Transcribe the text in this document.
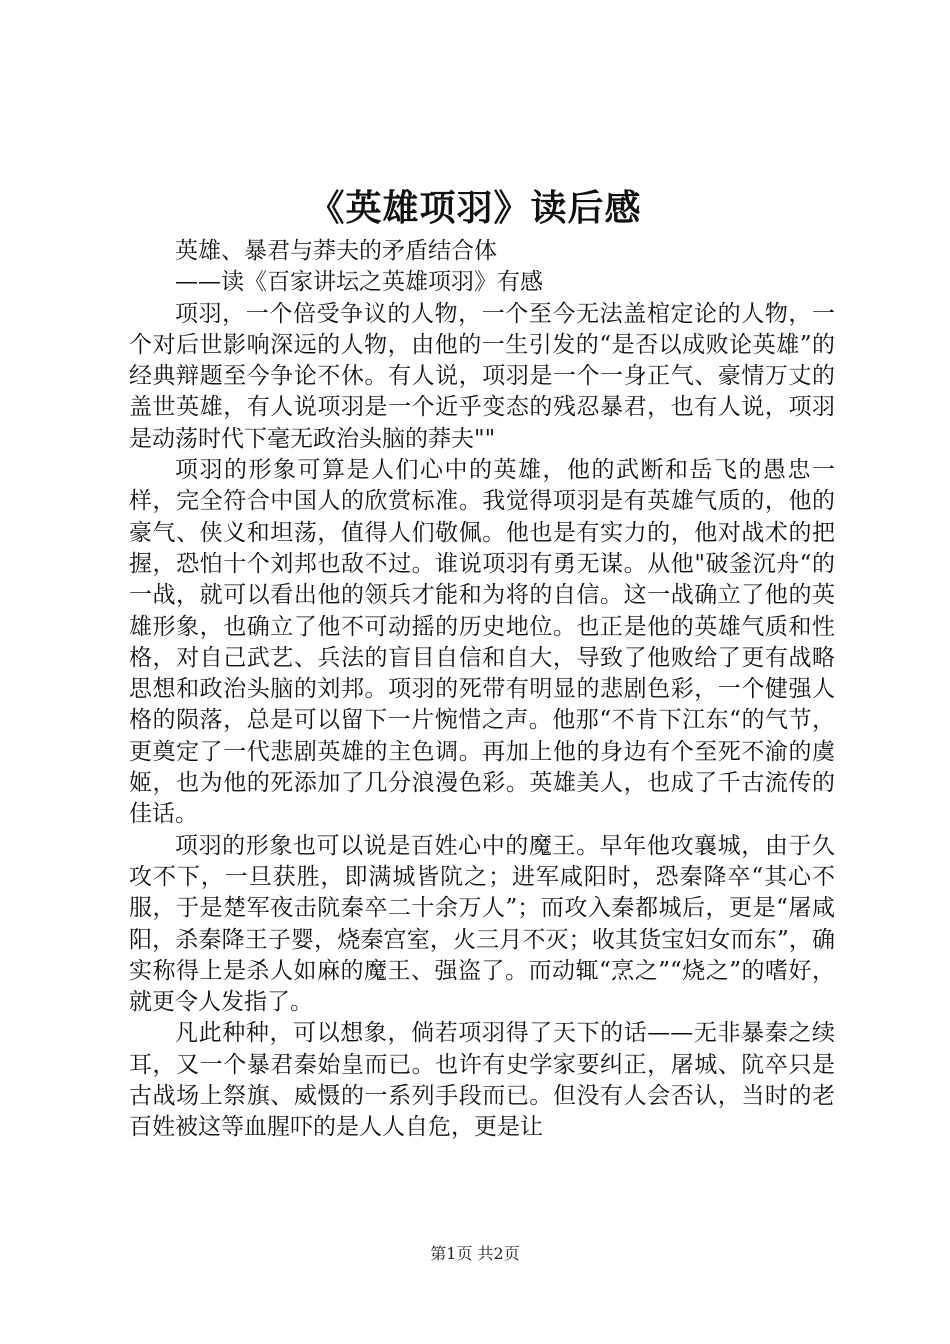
《英雄项羽》读后感

英雄、暴君与莽夫的矛盾结合体

——读《百家讲坛之英雄项羽》有感

项羽，一个倍受争议的人物，一个至今无法盖棺定论的人物，一个对后世影响深远的人物，由他的一生引发的“是否以成败论英雄”的经典辩题至今争论不休。有人说，项羽是一个一身正气、豪情万丈的盖世英雄，有人说项羽是一个近乎变态的残忍暴君，也有人说，项羽是动荡时代下毫无政治头脑的莽夫""

项羽的形象可算是人们心中的英雄，他的武断和岳飞的愚忠一样，完全符合中国人的欣赏标准。我觉得项羽是有英雄气质的，他的豪气、侠义和坦荡，值得人们敬佩。他也是有实力的，他对战术的把握，恐怕十个刘邦也敌不过。谁说项羽有勇无谋。从他"破釜沉舟“的一战，就可以看出他的领兵才能和为将的自信。这一战确立了他的英雄形象，也确立了他不可动摇的历史地位。也正是他的英雄气质和性格，对自己武艺、兵法的盲目自信和自大，导致了他败给了更有战略思想和政治头脑的刘邦。项羽的死带有明显的悲剧色彩，一个健强人格的陨落，总是可以留下一片惋惜之声。他那“不肯下江东“的气节，更奠定了一代悲剧英雄的主色调。再加上他的身边有个至死不渝的虞姬，也为他的死添加了几分浪漫色彩。英雄美人，也成了千古流传的佳话。

项羽的形象也可以说是百姓心中的魔王。早年他攻襄城，由于久攻不下，一旦获胜，即满城皆阬之；进军咸阳时，恐秦降卒“其心不服，于是楚军夜击阬秦卒二十余万人”；而攻入秦都城后，更是“屠咸阳，杀秦降王子婴，烧秦宫室，火三月不灭；收其货宝妇女而东”，确实称得上是杀人如麻的魔王、强盗了。而动辄“烹之”“烧之”的嗜好，就更令人发指了。

凡此种种，可以想象，倘若项羽得了天下的话——无非暴秦之续耳，又一个暴君秦始皇而已。也许有史学家要纠正，屠城、阬卒只是古战场上祭旗、威慑的一系列手段而已。但没有人会否认，当时的老百姓被这等血腥吓的是人人自危，更是让

第1页 共2页
